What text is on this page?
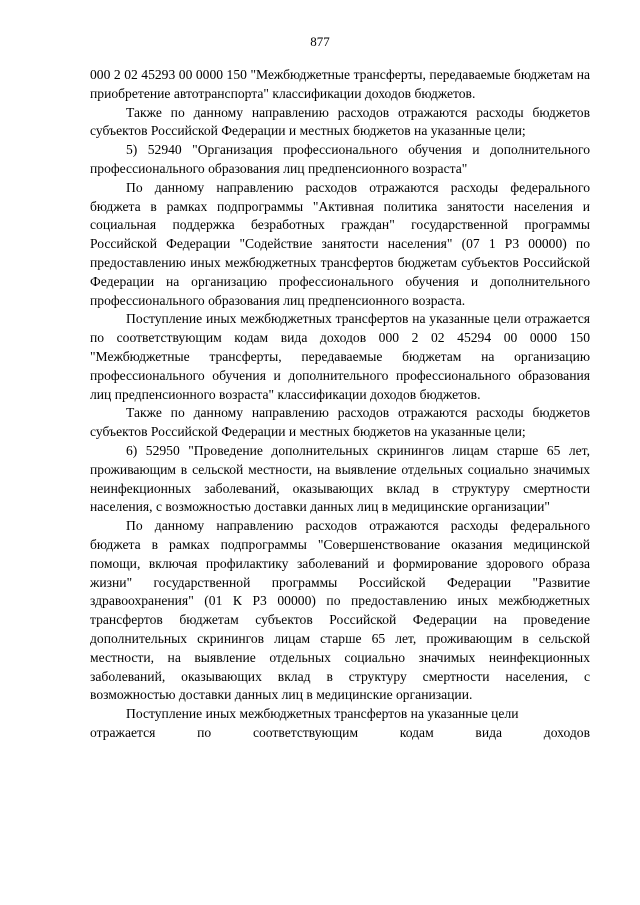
877

000 2 02 45293 00 0000 150 "Межбюджетные трансферты, передаваемые бюджетам на приобретение автотранспорта" классификации доходов бюджетов.

Также по данному направлению расходов отражаются расходы бюджетов субъектов Российской Федерации и местных бюджетов на указанные цели;

5) 52940 "Организация профессионального обучения и дополнительного профессионального образования лиц предпенсионного возраста"

По данному направлению расходов отражаются расходы федерального бюджета в рамках подпрограммы "Активная политика занятости населения и социальная поддержка безработных граждан" государственной программы Российской Федерации "Содействие занятости населения" (07 1 Р3 00000) по предоставлению иных межбюджетных трансфертов бюджетам субъектов Российской Федерации на организацию профессионального обучения и дополнительного профессионального образования лиц предпенсионного возраста.

Поступление иных межбюджетных трансфертов на указанные цели отражается по соответствующим кодам вида доходов 000 2 02 45294 00 0000 150 "Межбюджетные трансферты, передаваемые бюджетам на организацию профессионального обучения и дополнительного профессионального образования лиц предпенсионного возраста" классификации доходов бюджетов.

Также по данному направлению расходов отражаются расходы бюджетов субъектов Российской Федерации и местных бюджетов на указанные цели;

6) 52950 "Проведение дополнительных скринингов лицам старше 65 лет, проживающим в сельской местности, на выявление отдельных социально значимых неинфекционных заболеваний, оказывающих вклад в структуру смертности населения, с возможностью доставки данных лиц в медицинские организации"

По данному направлению расходов отражаются расходы федерального бюджета в рамках подпрограммы "Совершенствование оказания медицинской помощи, включая профилактику заболеваний и формирование здорового образа жизни" государственной программы Российской Федерации "Развитие здравоохранения" (01 К Р3 00000) по предоставлению иных межбюджетных трансфертов бюджетам субъектов Российской Федерации на проведение дополнительных скринингов лицам старше 65 лет, проживающим в сельской местности, на выявление отдельных социально значимых неинфекционных заболеваний, оказывающих вклад в структуру смертности населения, с возможностью доставки данных лиц в медицинские организации.

Поступление иных межбюджетных трансфертов на указанные цели
отражается	по	соответствующим	кодам	вида	доходов
